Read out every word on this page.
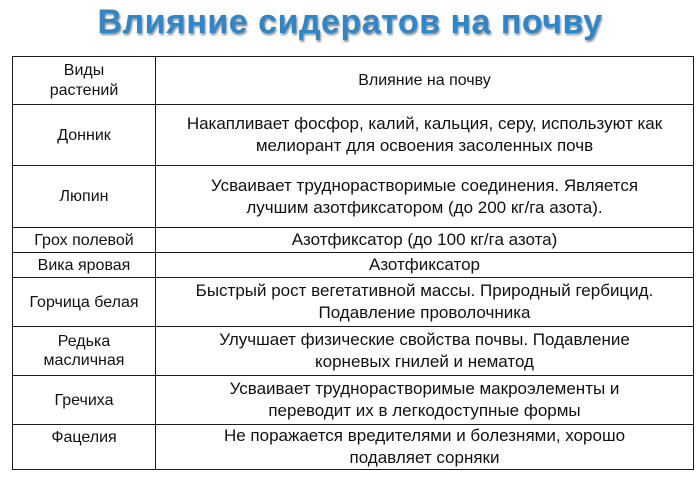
Влияние сидератов на почву
Виды растений	Влияние на почву
Донник	Накапливает фосфор, калий, кальция, серу, используют как мелиорант для освоения засоленных почв
Люпин	Усваивает труднорастворимые соединения. Является лучшим азотфиксатором (до 200 кг/га азота).
Грох полевой	Азотфиксатор (до 100 кг/га азота)
Вика яровая	Азотфиксатор
Горчица белая	Быстрый рост вегетативной массы. Природный гербицид. Подавление проволочника
Редька масличная	Улучшает физические свойства почвы. Подавление корневых гнилей и нематод
Гречиха	Усваивает труднорастворимые макроэлементы и переводит их в легкодоступные формы
Фацелия	Не поражается вредителями и болезнями, хорошо подавляет сорняки
